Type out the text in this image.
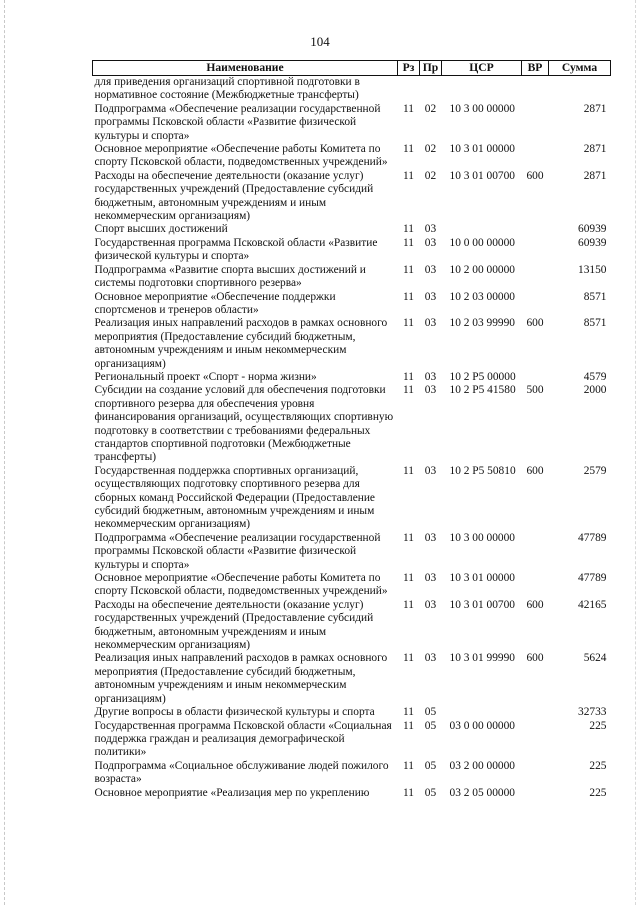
104
Наименование	Рз	Пр	ЦСР	ВР	Сумма
для приведения организаций спортивной подготовки в нормативное состояние (Межбюджетные трансферты)					
Подпрограмма «Обеспечение реализации государственной программы Псковской области «Развитие физической культуры и спорта»	11	02	10 3 00 00000		2871
Основное мероприятие «Обеспечение работы Комитета по спорту Псковской области, подведомственных учреждений»	11	02	10 3 01 00000		2871
Расходы на обеспечение деятельности (оказание услуг) государственных учреждений (Предоставление субсидий бюджетным, автономным учреждениям и иным некоммерческим организациям)	11	02	10 3 01 00700	600	2871
Спорт высших достижений	11	03			60939
Государственная программа Псковской области «Развитие физической культуры и спорта»	11	03	10 0 00 00000		60939
Подпрограмма «Развитие спорта высших достижений и системы подготовки спортивного резерва»	11	03	10 2 00 00000		13150
Основное мероприятие «Обеспечение поддержки спортсменов и тренеров области»	11	03	10 2 03 00000		8571
Реализация иных направлений расходов в рамках основного мероприятия (Предоставление субсидий бюджетным, автономным учреждениям и иным некоммерческим организациям)	11	03	10 2 03 99990	600	8571
Региональный проект «Спорт - норма жизни»	11	03	10 2 P5 00000		4579
Субсидии на создание условий для обеспечения подготовки спортивного резерва для обеспечения уровня финансирования организаций, осуществляющих спортивную подготовку в соответствии с требованиями федеральных стандартов спортивной подготовки (Межбюджетные трансферты)	11	03	10 2 P5 41580	500	2000
Государственная поддержка спортивных организаций, осуществляющих подготовку спортивного резерва для сборных команд Российской Федерации (Предоставление субсидий бюджетным, автономным учреждениям и иным некоммерческим организациям)	11	03	10 2 P5 50810	600	2579
Подпрограмма «Обеспечение реализации государственной программы Псковской области «Развитие физической культуры и спорта»	11	03	10 3 00 00000		47789
Основное мероприятие «Обеспечение работы Комитета по спорту Псковской области, подведомственных учреждений»	11	03	10 3 01 00000		47789
Расходы на обеспечение деятельности (оказание услуг) государственных учреждений (Предоставление субсидий бюджетным, автономным учреждениям и иным некоммерческим организациям)	11	03	10 3 01 00700	600	42165
Реализация иных направлений расходов в рамках основного мероприятия (Предоставление субсидий бюджетным, автономным учреждениям и иным некоммерческим организациям)	11	03	10 3 01 99990	600	5624
Другие вопросы в области физической культуры и спорта	11	05			32733
Государственная программа Псковской области «Социальная поддержка граждан и реализация демографической политики»	11	05	03 0 00 00000		225
Подпрограмма «Социальное обслуживание людей пожилого возраста»	11	05	03 2 00 00000		225
Основное мероприятие «Реализация мер по укреплению	11	05	03 2 05 00000		225
